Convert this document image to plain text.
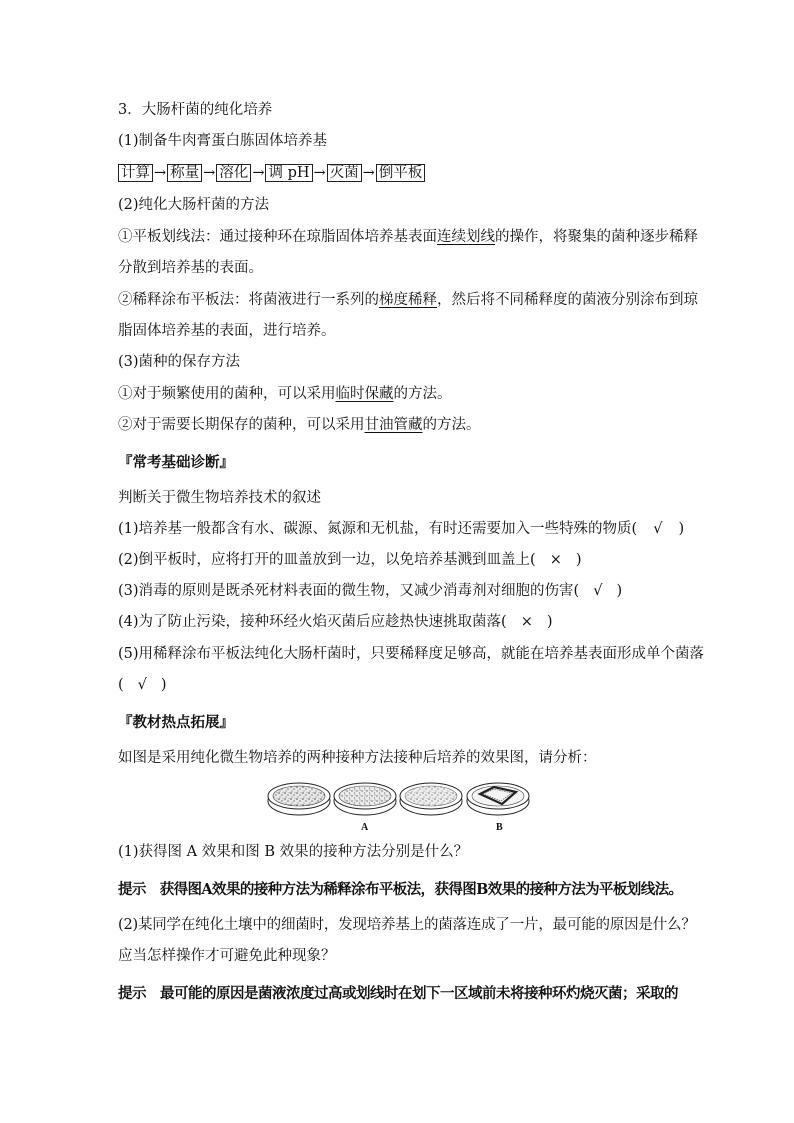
3．大肠杆菌的纯化培养
(1)制备牛肉膏蛋白胨固体培养基
计算 → 称量 → 溶化 → 调 pH → 灭菌 → 倒平板
(2)纯化大肠杆菌的方法
①平板划线法：通过接种环在琼脂固体培养基表面连续划线的操作，将聚集的菌种逐步稀释
分散到培养基的表面。
②稀释涂布平板法：将菌液进行一系列的梯度稀释，然后将不同稀释度的菌液分别涂布到琼
脂固体培养基的表面，进行培养。
(3)菌种的保存方法
①对于频繁使用的菌种，可以采用临时保藏的方法。
②对于需要长期保存的菌种，可以采用甘油管藏的方法。
『常考基础诊断』
判断关于微生物培养技术的叙述
(1)培养基一般都含有水、碳源、氮源和无机盐，有时还需要加入一些特殊的物质( √ )
(2)倒平板时，应将打开的皿盖放到一边，以免培养基溅到皿盖上( × )
(3)消毒的原则是既杀死材料表面的微生物，又减少消毒剂对细胞的伤害( √ )
(4)为了防止污染，接种环经火焰灭菌后应趁热快速挑取菌落( × )
(5)用稀释涂布平板法纯化大肠杆菌时，只要稀释度足够高，就能在培养基表面形成单个菌落
( √ )
『教材热点拓展』
如图是采用纯化微生物培养的两种接种方法接种后培养的效果图，请分析：
A	B
(1)获得图 A 效果和图 B 效果的接种方法分别是什么？
提示　获得图A效果的接种方法为稀释涂布平板法，获得图B效果的接种方法为平板划线法。
(2)某同学在纯化土壤中的细菌时，发现培养基上的菌落连成了一片，最可能的原因是什么？
应当怎样操作才可避免此种现象？
提示　最可能的原因是菌液浓度过高或划线时在划下一区域前未将接种环灼烧灭菌；采取的
